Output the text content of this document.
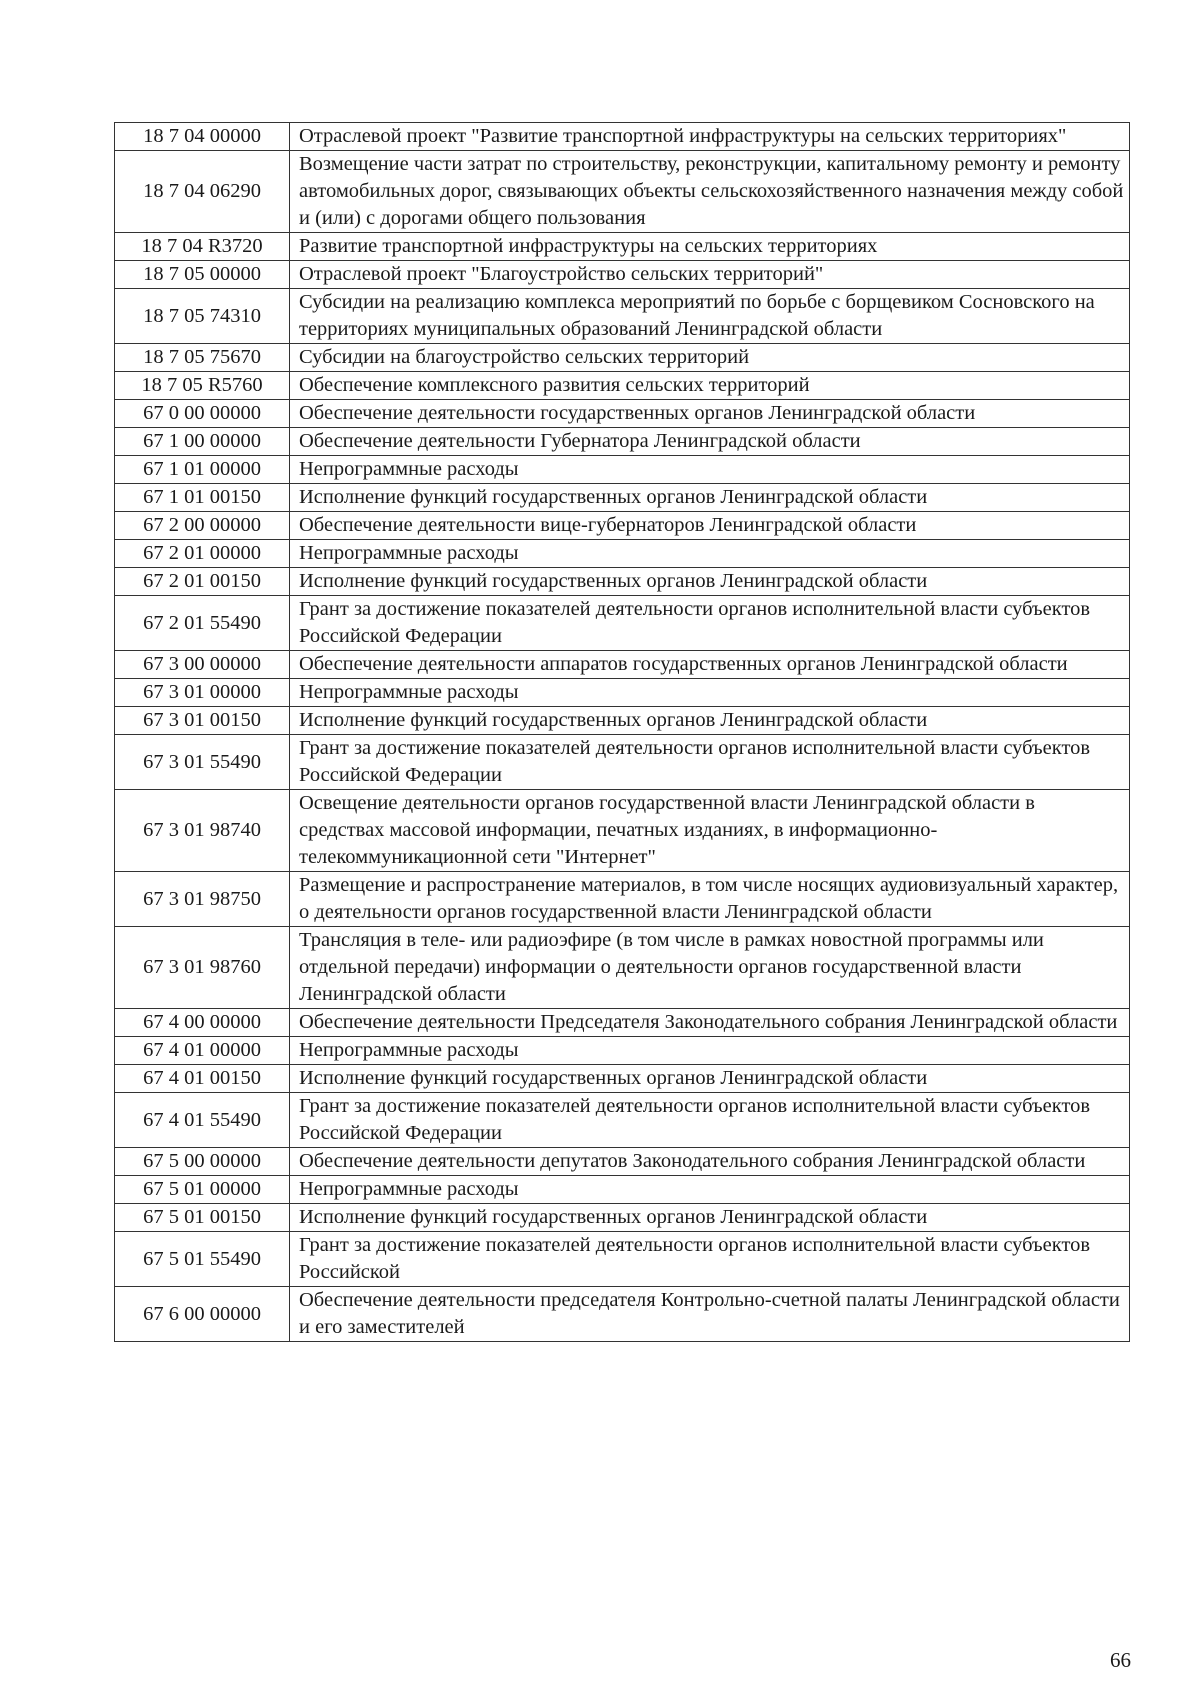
18 7 04 00000	Отраслевой проект "Развитие транспортной инфраструктуры на сельских территориях"
18 7 04 06290	Возмещение части затрат по строительству, реконструкции, капитальному ремонту и ремонту автомобильных дорог, связывающих объекты сельскохозяйственного назначения между собой и (или) с дорогами общего пользования
18 7 04 R3720	Развитие транспортной инфраструктуры на сельских территориях
18 7 05 00000	Отраслевой проект "Благоустройство сельских территорий"
18 7 05 74310	Субсидии на реализацию комплекса мероприятий по борьбе с борщевиком Сосновского на территориях муниципальных образований Ленинградской области
18 7 05 75670	Субсидии на благоустройство сельских территорий
18 7 05 R5760	Обеспечение комплексного развития сельских территорий
67 0 00 00000	Обеспечение деятельности государственных органов Ленинградской области
67 1 00 00000	Обеспечение деятельности Губернатора Ленинградской области
67 1 01 00000	Непрограммные расходы
67 1 01 00150	Исполнение функций государственных органов Ленинградской области
67 2 00 00000	Обеспечение деятельности вице-губернаторов Ленинградской области
67 2 01 00000	Непрограммные расходы
67 2 01 00150	Исполнение функций государственных органов Ленинградской области
67 2 01 55490	Грант за достижение показателей деятельности органов исполнительной власти субъектов Российской Федерации
67 3 00 00000	Обеспечение деятельности аппаратов государственных органов Ленинградской области
67 3 01 00000	Непрограммные расходы
67 3 01 00150	Исполнение функций государственных органов Ленинградской области
67 3 01 55490	Грант за достижение показателей деятельности органов исполнительной власти субъектов Российской Федерации
67 3 01 98740	Освещение деятельности органов государственной власти Ленинградской области в средствах массовой информации, печатных изданиях, в информационно-телекоммуникационной сети "Интернет"
67 3 01 98750	Размещение и распространение материалов, в том числе носящих аудиовизуальный характер, о деятельности органов государственной власти Ленинградской области
67 3 01 98760	Трансляция в теле- или радиоэфире (в том числе в рамках новостной программы или отдельной передачи) информации о деятельности органов государственной власти Ленинградской области
67 4 00 00000	Обеспечение деятельности Председателя Законодательного собрания Ленинградской области
67 4 01 00000	Непрограммные расходы
67 4 01 00150	Исполнение функций государственных органов Ленинградской области
67 4 01 55490	Грант за достижение показателей деятельности органов исполнительной власти субъектов Российской Федерации
67 5 00 00000	Обеспечение деятельности депутатов Законодательного собрания Ленинградской области
67 5 01 00000	Непрограммные расходы
67 5 01 00150	Исполнение функций государственных органов Ленинградской области
67 5 01 55490	Грант за достижение показателей деятельности органов исполнительной власти субъектов Российской
67 6 00 00000	Обеспечение деятельности председателя Контрольно-счетной палаты Ленинградской области и его заместителей
66
